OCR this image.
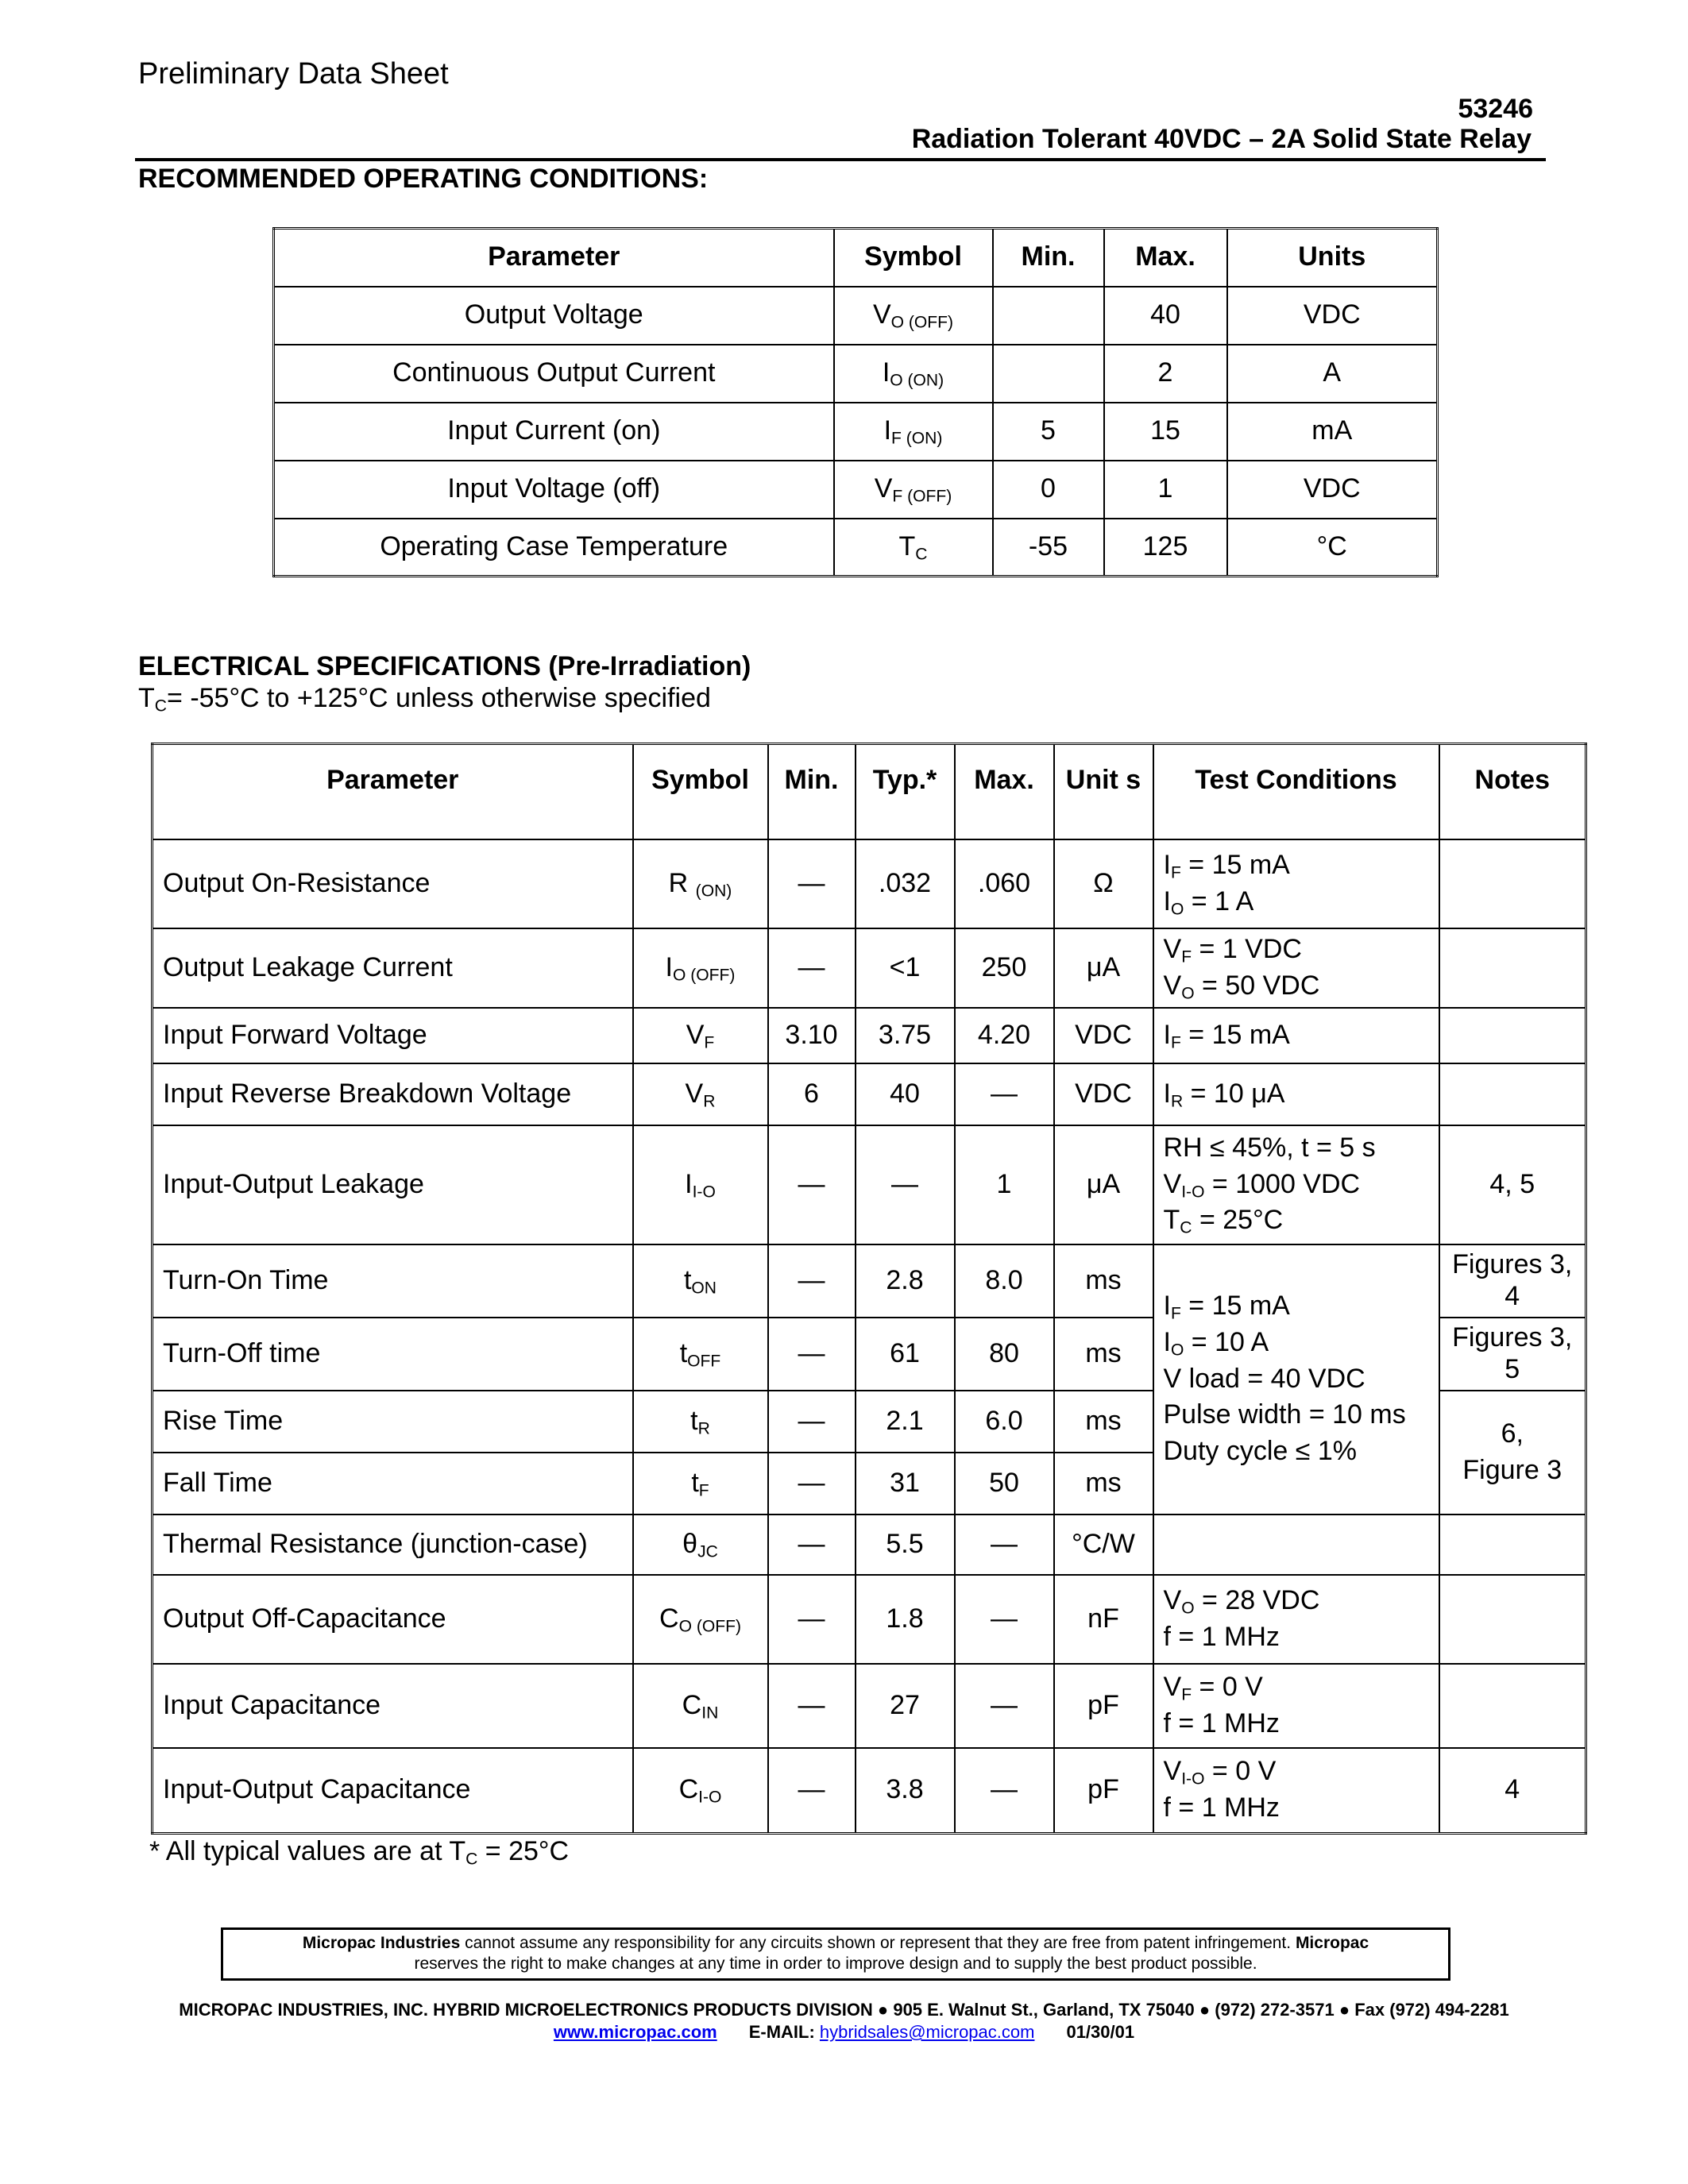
Preliminary Data Sheet
53246
Radiation Tolerant 40VDC – 2A Solid State Relay
RECOMMENDED OPERATING CONDITIONS:
Parameter	Symbol	Min.	Max.	Units
Output Voltage	$V_{O (OFF)}$		40	VDC
Continuous Output Current	$I_{O (ON)}$		2	A
Input Current (on)	$I_{F (ON)}$	5	15	mA
Input Voltage (off)	$V_{F (OFF)}$	0	1	VDC
Operating Case Temperature	$T_C$	-55	125	°C
ELECTRICAL SPECIFICATIONS (Pre-Irradiation)
$T_C= -55^\circ C$ to +125°C unless otherwise specified
Parameter	Symbol	Min.	Typ.*	Max.	Unit s	Test Conditions	Notes
Output On-Resistance	R $_{(ON)}$	—	.032	.060	Ω	$I_F = 15$ mA
$I_O = 1$ A	

Output Leakage Current	$I_{O (OFF)}$	—	<1	250	μA	$V_F = 1$ VDC
$V_O = 50$ VDC	

Input Forward Voltage	$V_F$	3.10	3.75	4.20	VDC	$I_F = 15$ mA	
Input Reverse Breakdown Voltage	$V_R$	6	40	—	VDC	$I_R = 10$ μA	
Input-Output Leakage	$I_{I-O}$	—	—	1	μA	RH ≤ 45%, t = 5 s
$V_{I-O} = 1000$ VDC
$T_C = 25^\circ C$	4, 5
Turn-On Time	$t_{ON}$	—	2.8	8.0	ms	$I_F = 15$ mA
$I_O = 10$ A
V load = 40 VDC
Pulse width = 10 ms
Duty cycle ≤ 1%	Figures 3, 4
Turn-Off time	$t_{OFF}$	—	61	80	ms		Figures 3, 5
Rise Time	$t_R$	—	2.1	6.0	ms		6,
Figure 3

Fall Time	$t_F$	—	31	50	ms		
Thermal Resistance (junction-case)	$\theta_{JC}$	—	5.5	—	°C/W		
Output Off-Capacitance	$C_{O (OFF)}$	—	1.8	—	nF	$V_O = 28$ VDC
f = 1 MHz	

Input Capacitance	$C_{IN}$	—	27	—	pF	$V_F = 0$ V
f = 1 MHz	

Input-Output Capacitance	$C_{I-O}$	—	3.8	—	pF	$V_{I-O} = 0$ V
f = 1 MHz	4
* All typical values are at $T_C = 25^\circ C$
Micropac Industries cannot assume any responsibility for any circuits shown or represent that they are free from patent infringement. Micropac
reserves the right to make changes at any time in order to improve design and to supply the best product possible.
MICROPAC INDUSTRIES, INC. HYBRID MICROELECTRONICS PRODUCTS DIVISION ● 905 E. Walnut St., Garland, TX 75040 ● (972) 272-3571 ● Fax (972) 494-2281
www.micropac.com E-MAIL: hybridsales@micropac.com 01/30/01
